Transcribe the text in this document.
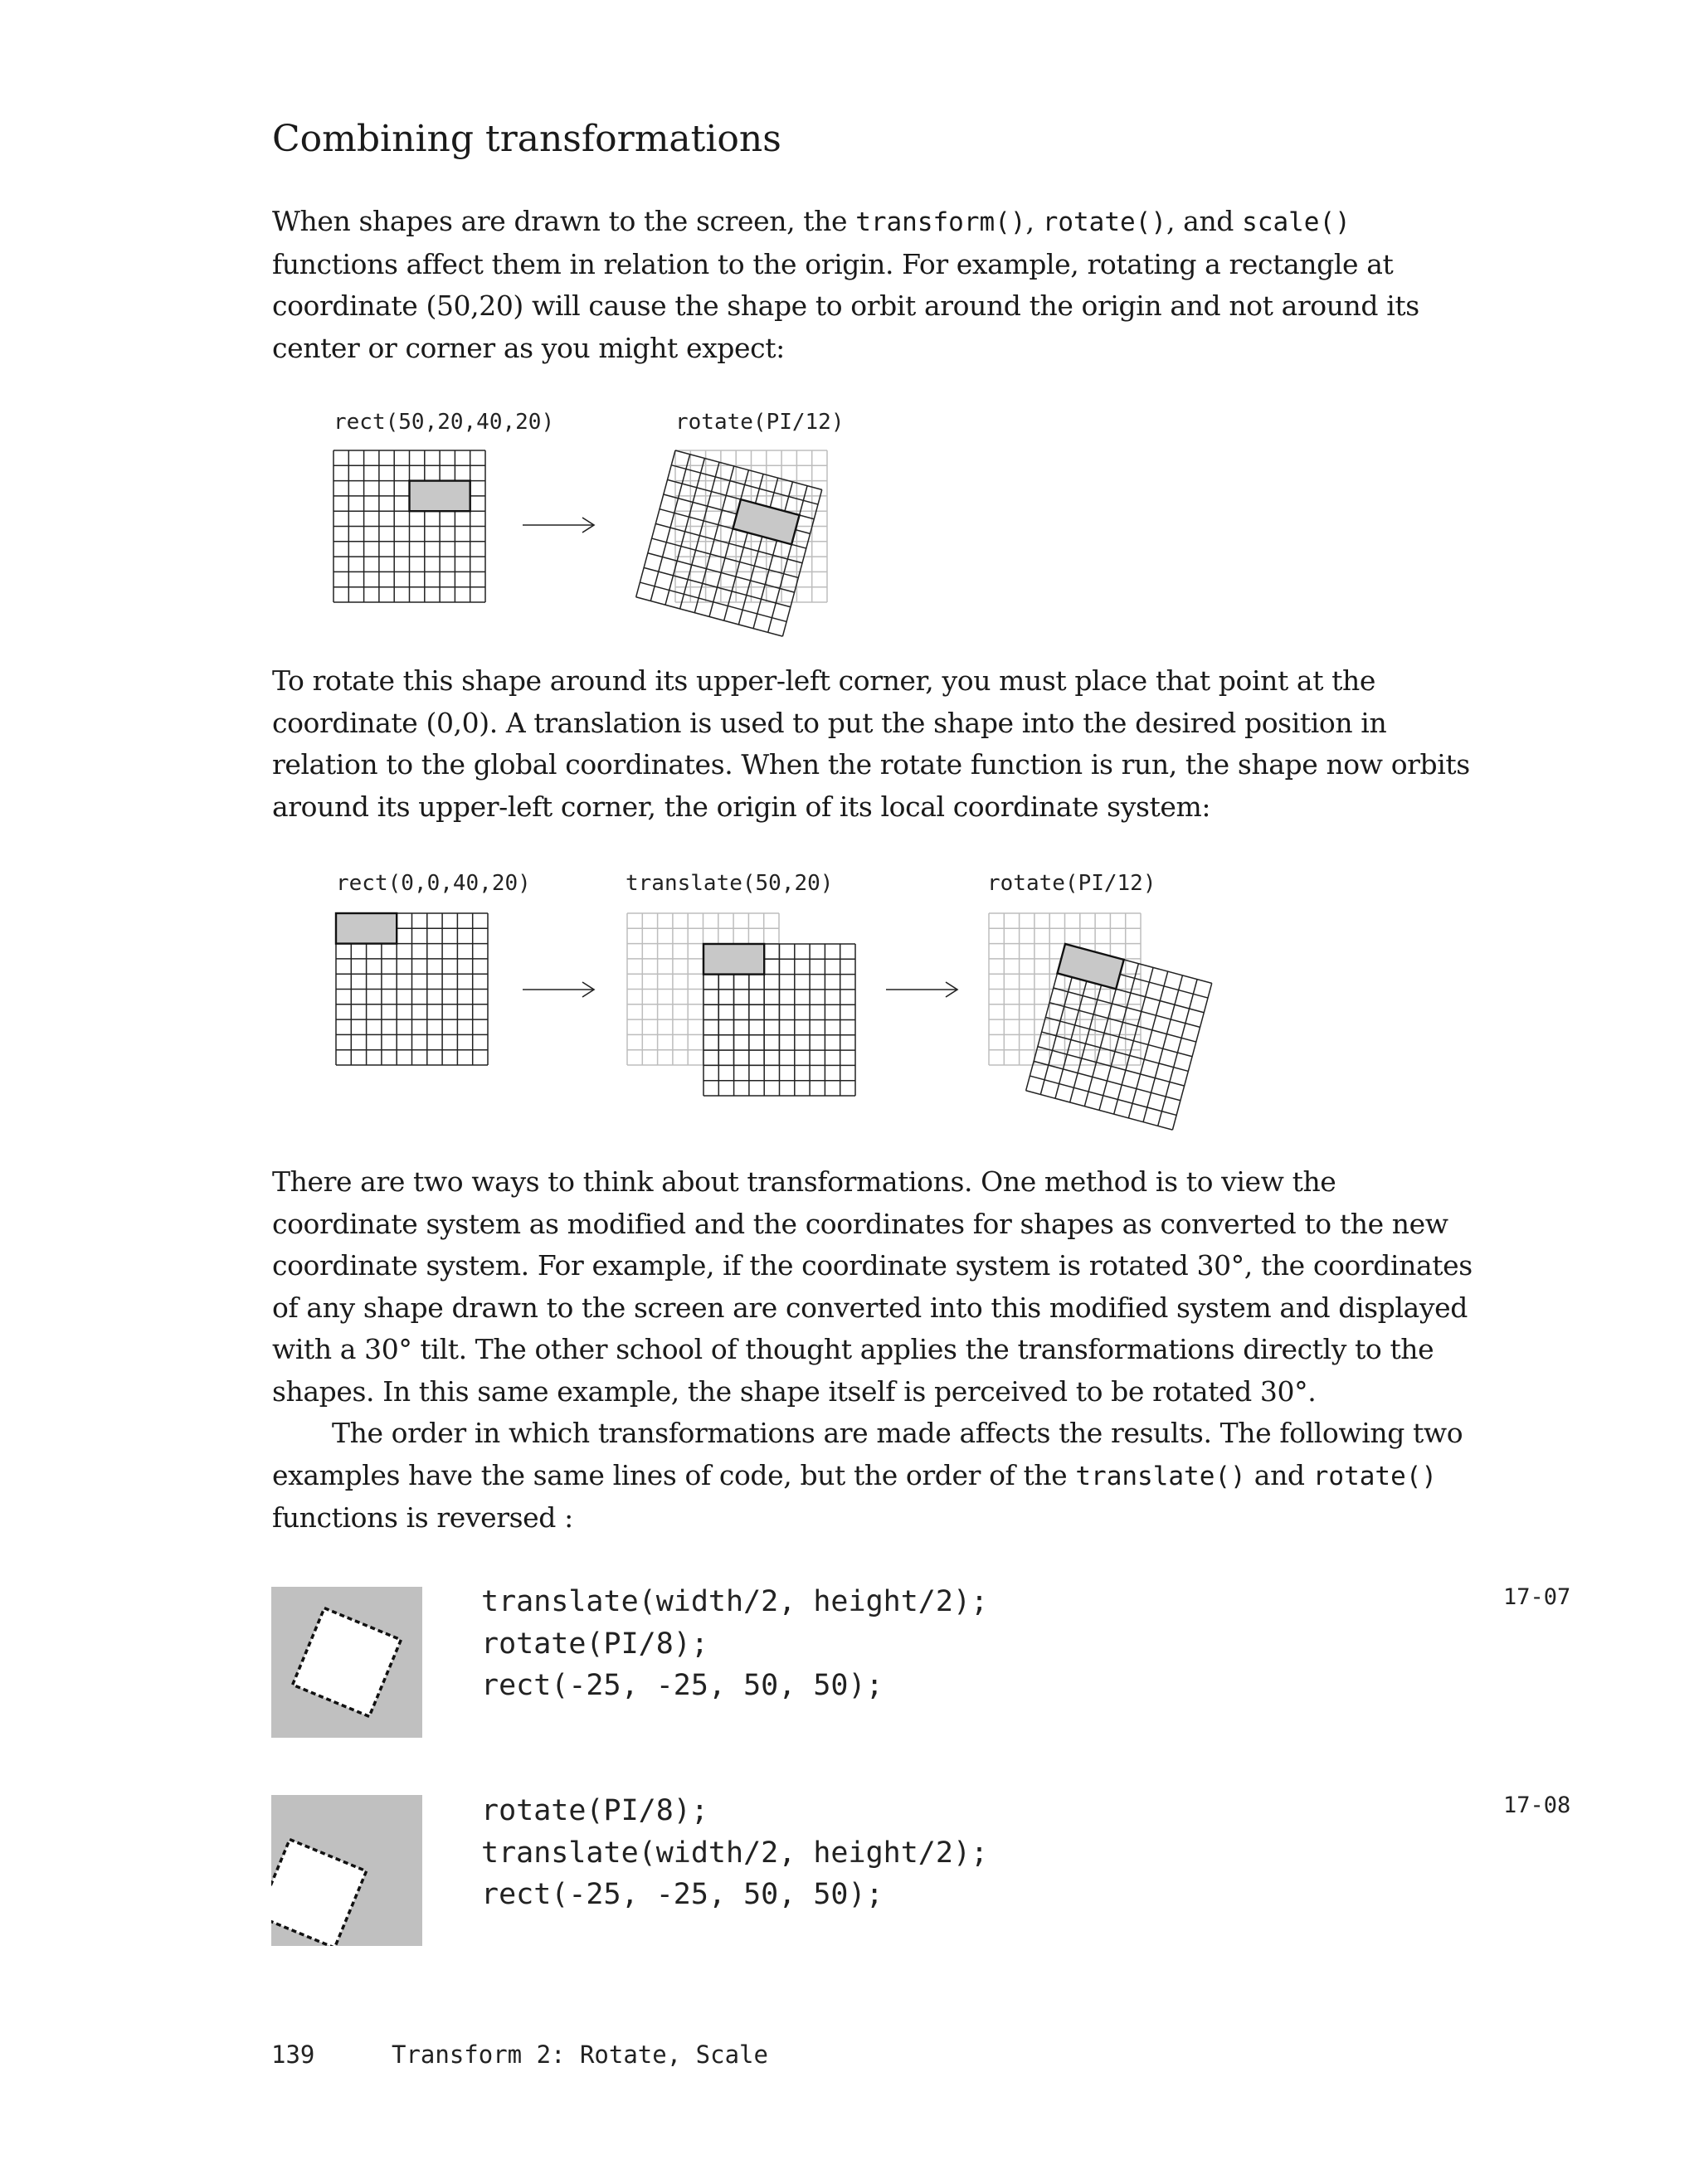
Combining transformations

When shapes are drawn to the screen, the transform(), rotate(), and scale() functions affect them in relation to the origin. For example, rotating a rectangle at coordinate (50,20) will cause the shape to orbit around the origin and not around its center or corner as you might expect:

rect(50,20,40,20)	rotate(PI/12)

To rotate this shape around its upper-left corner, you must place that point at the coordinate (0,0). A translation is used to put the shape into the desired position in relation to the global coordinates. When the rotate function is run, the shape now orbits around its upper-left corner, the origin of its local coordinate system:

rect(0,0,40,20)	translate(50,20)	rotate(PI/12)

There are two ways to think about transformations. One method is to view the coordinate system as modified and the coordinates for shapes as converted to the new coordinate system. For example, if the coordinate system is rotated 30°, the coordinates of any shape drawn to the screen are converted into this modified system and displayed with a 30° tilt. The other school of thought applies the transformations directly to the shapes. In this same example, the shape itself is perceived to be rotated 30°.

The order in which transformations are made affects the results. The following two examples have the same lines of code, but the order of the translate() and rotate() functions is reversed :

translate(width/2, height/2);
rotate(PI/8);
rect(-25, -25, 50, 50);
17-07
rotate(PI/8);
translate(width/2, height/2);
rect(-25, -25, 50, 50);
17-08
139	Transform 2: Rotate, Scale
